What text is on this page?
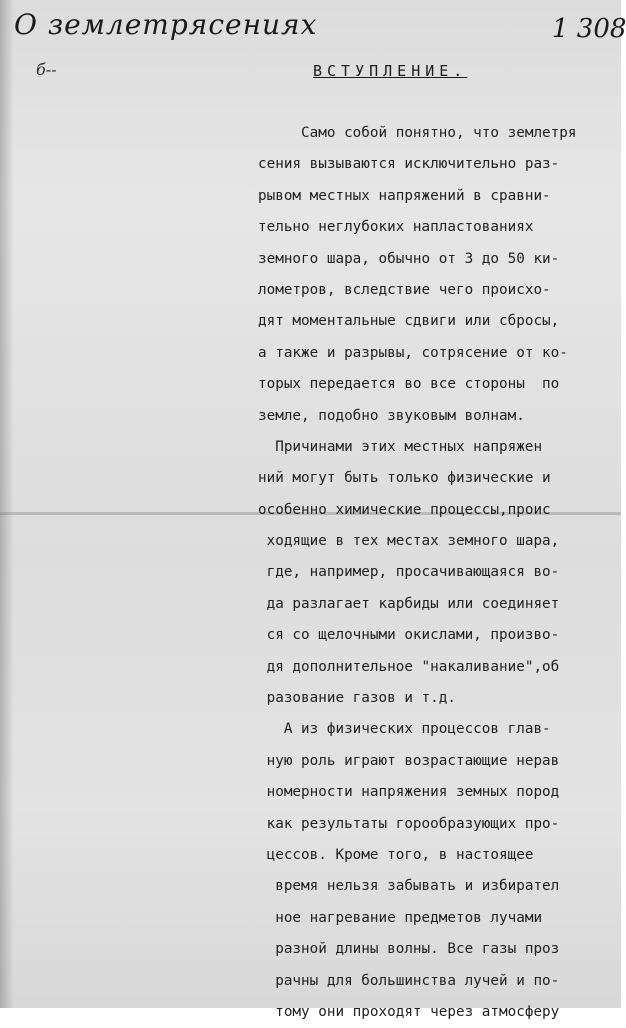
О землетрясениях	1 308
б--	ВСТУПЛЕНИЕ.
Само собой понятно, что землетря
сения вызываются исключительно раз-
рывом местных напряжений в сравни-
тельно неглубоких напластованиях
земного шара, обычно от 3 до 50 ки-
лометров, вследствие чего происхо-
дят моментальные сдвиги или сбросы,
а также и разрывы, сотрясение от ко-
торых передается во все стороны  по
земле, подобно звуковым волнам.
Причинами этих местных напряжен
ний могут быть только физические и
особенно химические процессы,проис
ходящие в тех местах земного шара,
где, например, просачивающаяся во-
да разлагает карбиды или соединяет
ся со щелочными окислами, произво-
дя дополнительное "накаливание",об
разование газов и т.д.
А из физических процессов глав-
ную роль играют возрастающие нерав
номерности напряжения земных пород
как результаты горообразующих про-
цессов. Кроме того, в настоящее
время нельзя забывать и избирател
ное нагревание предметов лучами
разной длины волны. Все газы проз
рачны для большинства лучей и по-
тому они проходят через атмосферу
